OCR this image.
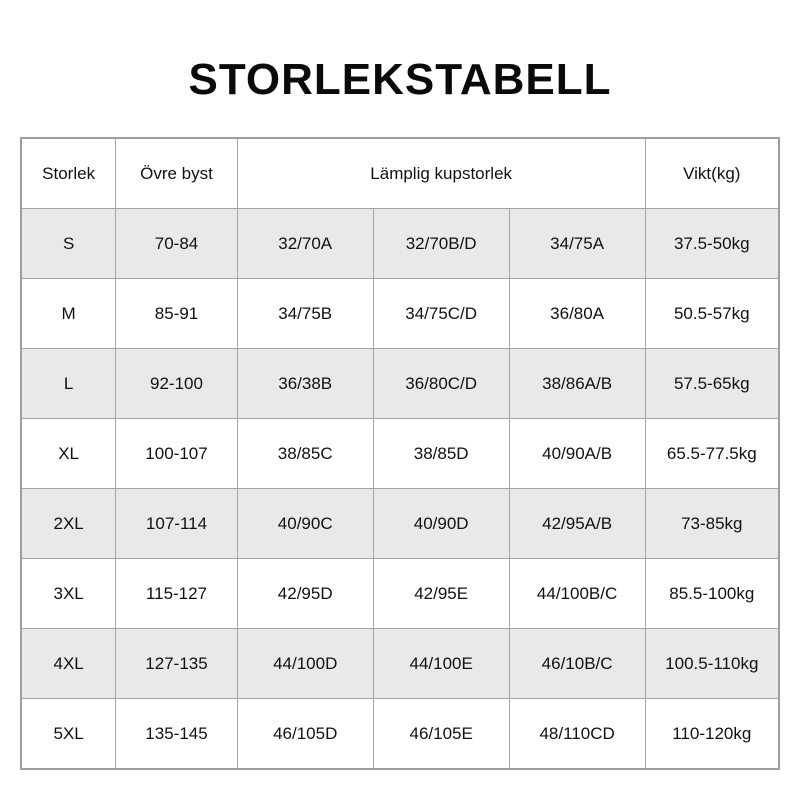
STORLEKSTABELL
Storlek	Övre byst	Lämplig kupstorlek			Vikt(kg)
S	70-84	32/70A	32/70B/D	34/75A	37.5-50kg
M	85-91	34/75B	34/75C/D	36/80A	50.5-57kg
L	92-100	36/38B	36/80C/D	38/86A/B	57.5-65kg
XL	100-107	38/85C	38/85D	40/90A/B	65.5-77.5kg
2XL	107-114	40/90C	40/90D	42/95A/B	73-85kg
3XL	115-127	42/95D	42/95E	44/100B/C	85.5-100kg
4XL	127-135	44/100D	44/100E	46/10B/C	100.5-110kg
5XL	135-145	46/105D	46/105E	48/110CD	110-120kg
